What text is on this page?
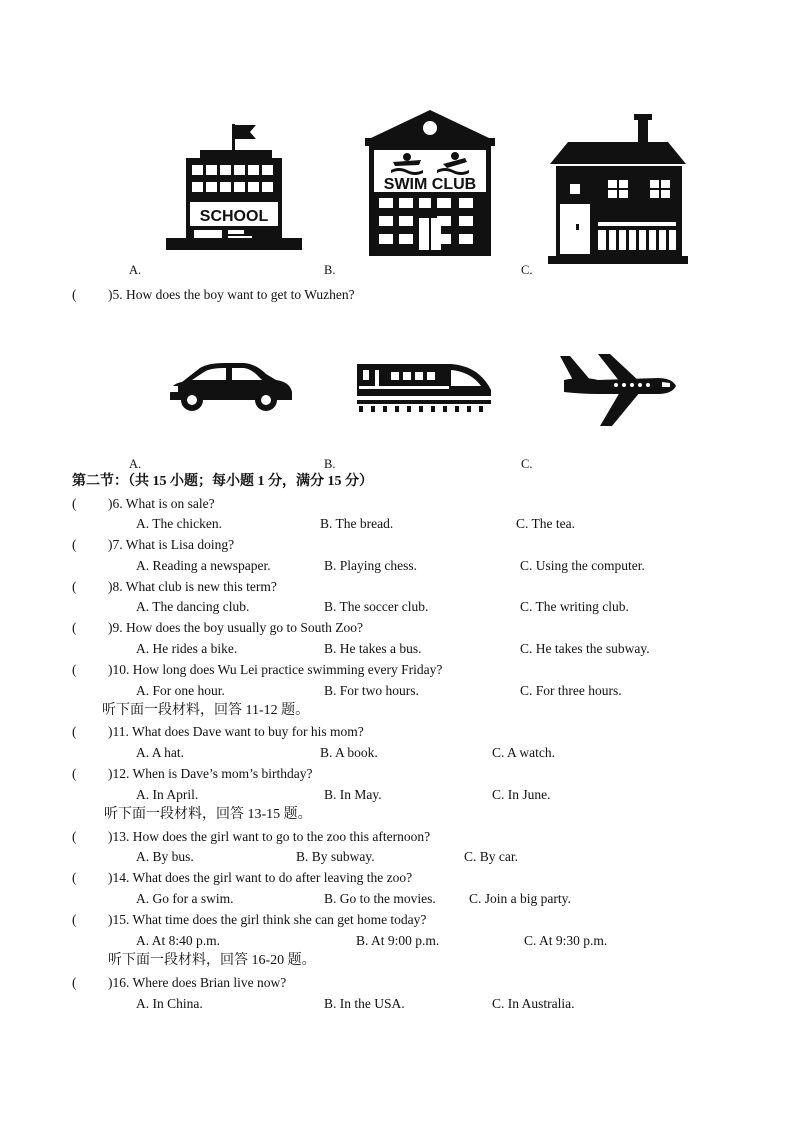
SCHOOL
SWIM CLUB
A.	B.	C.
( )5. How does the boy want to get to Wuzhen?
A.	B.	C.
第二节：（共 15 小题；每小题 1 分，满分 15 分）
( )6. What is on sale?
A. The chicken.	B. The bread.	C. The tea.
( )7. What is Lisa doing?
A. Reading a newspaper.	B. Playing chess.	C. Using the computer.
( )8. What club is new this term?
A. The dancing club.	B. The soccer club.	C. The writing club.
( )9. How does the boy usually go to South Zoo?
A. He rides a bike.	B. He takes a bus.	C. He takes the subway.
( )10. How long does Wu Lei practice swimming every Friday?
A. For one hour.	B. For two hours.	C. For three hours.
听下面一段材料，回答 11-12 题。
( )11. What does Dave want to buy for his mom?
A. A hat.	B. A book.	C. A watch.
( )12. When is Dave’s mom’s birthday?
A. In April.	B. In May.	C. In June.
听下面一段材料，回答 13-15 题。
( )13. How does the girl want to go to the zoo this afternoon?
A. By bus.	B. By subway.	C. By car.
( )14. What does the girl want to do after leaving the zoo?
A. Go for a swim.	B. Go to the movies. C. Join a big party.
( )15. What time does the girl think she can get home today?
A. At 8:40 p.m.	B. At 9:00 p.m.	C. At 9:30 p.m.
听下面一段材料，回答 16-20 题。
( )16. Where does Brian live now?
A. In China.	B. In the USA.	C. In Australia.
